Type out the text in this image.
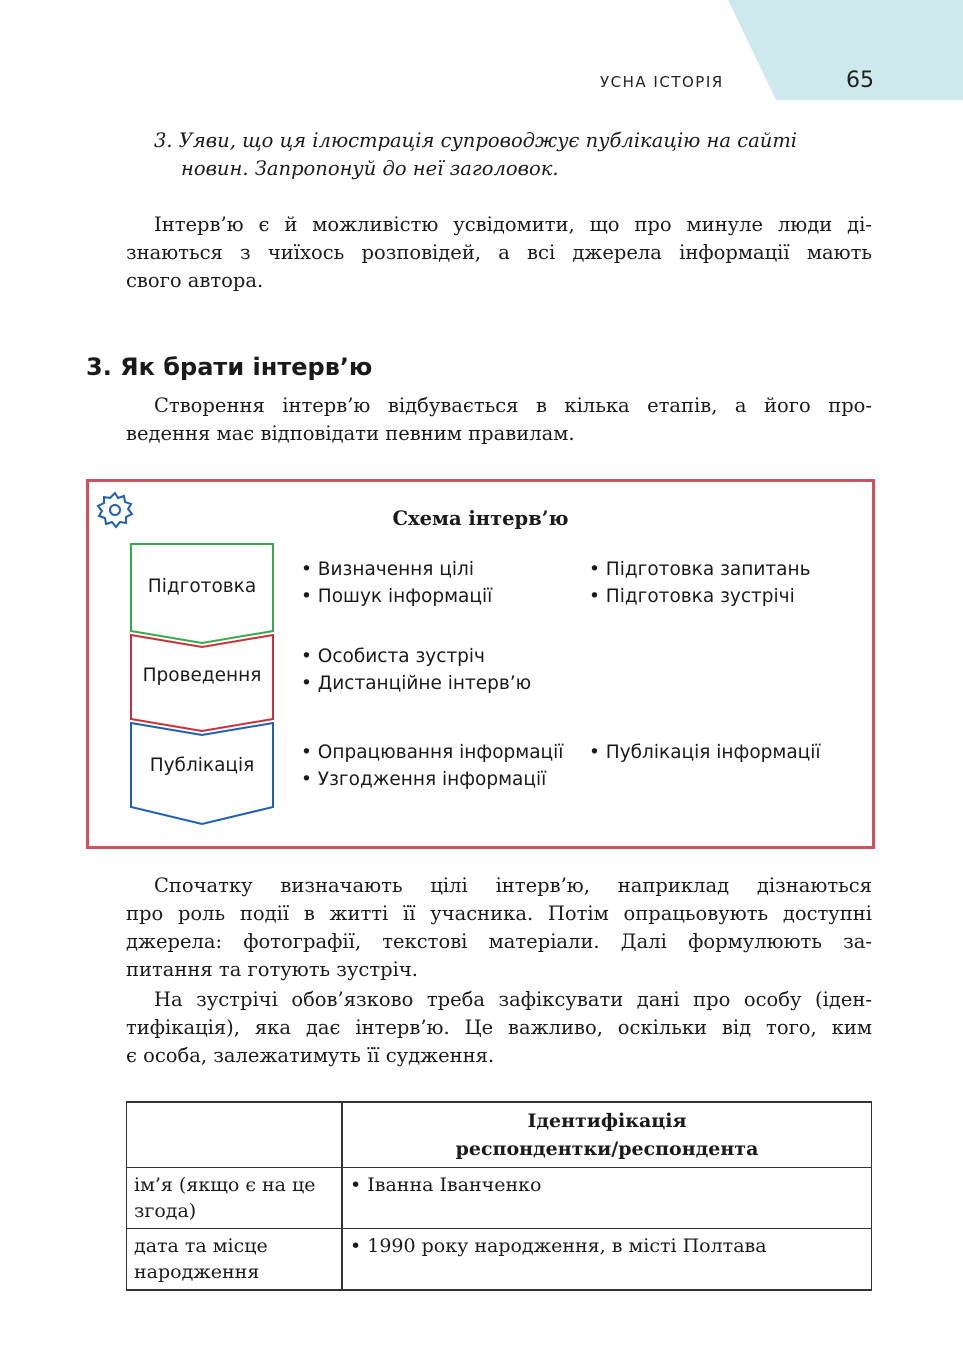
УСНА ІСТОРІЯ	65
3. Уяви, що ця ілюстрація супроводжує публікацію на сайті
новин. Запропонуй до неї заголовок.
Інтерв’ю є й можливістю усвідомити, що про минуле люди ді-
знаються з чиїхось розповідей, а всі джерела інформації мають
свого автора.
3. Як брати інтерв’ю
Створення інтерв’ю відбувається в кілька етапів, а його про-
ведення має відповідати певним правилам.
Схема інтерв’ю
Підготовка
Проведення
Публікація
• Визначення цілі
• Пошук інформації
• Підготовка запитань
• Підготовка зустрічі
• Особиста зустріч
• Дистанційне інтерв’ю
• Опрацювання інформації
• Узгодження інформації
• Публікація інформації
Спочатку визначають цілі інтерв’ю, наприклад дізнаються
про роль події в житті її учасника. Потім опрацьовують доступні
джерела: фотографії, текстові матеріали. Далі формулюють за-
питання та готують зустріч.
На зустрічі обов’язково треба зафіксувати дані про особу (іден-
тифікація), яка дає інтерв’ю. Це важливо, оскільки від того, ким
є особа, залежатимуть її судження.

	Ідентифікація
респондентки/респондента

ім’я (якщо є на це
згода)	• Іванна Іванченко

дата та місце
народження	• 1990 року народження, в місті Полтава
